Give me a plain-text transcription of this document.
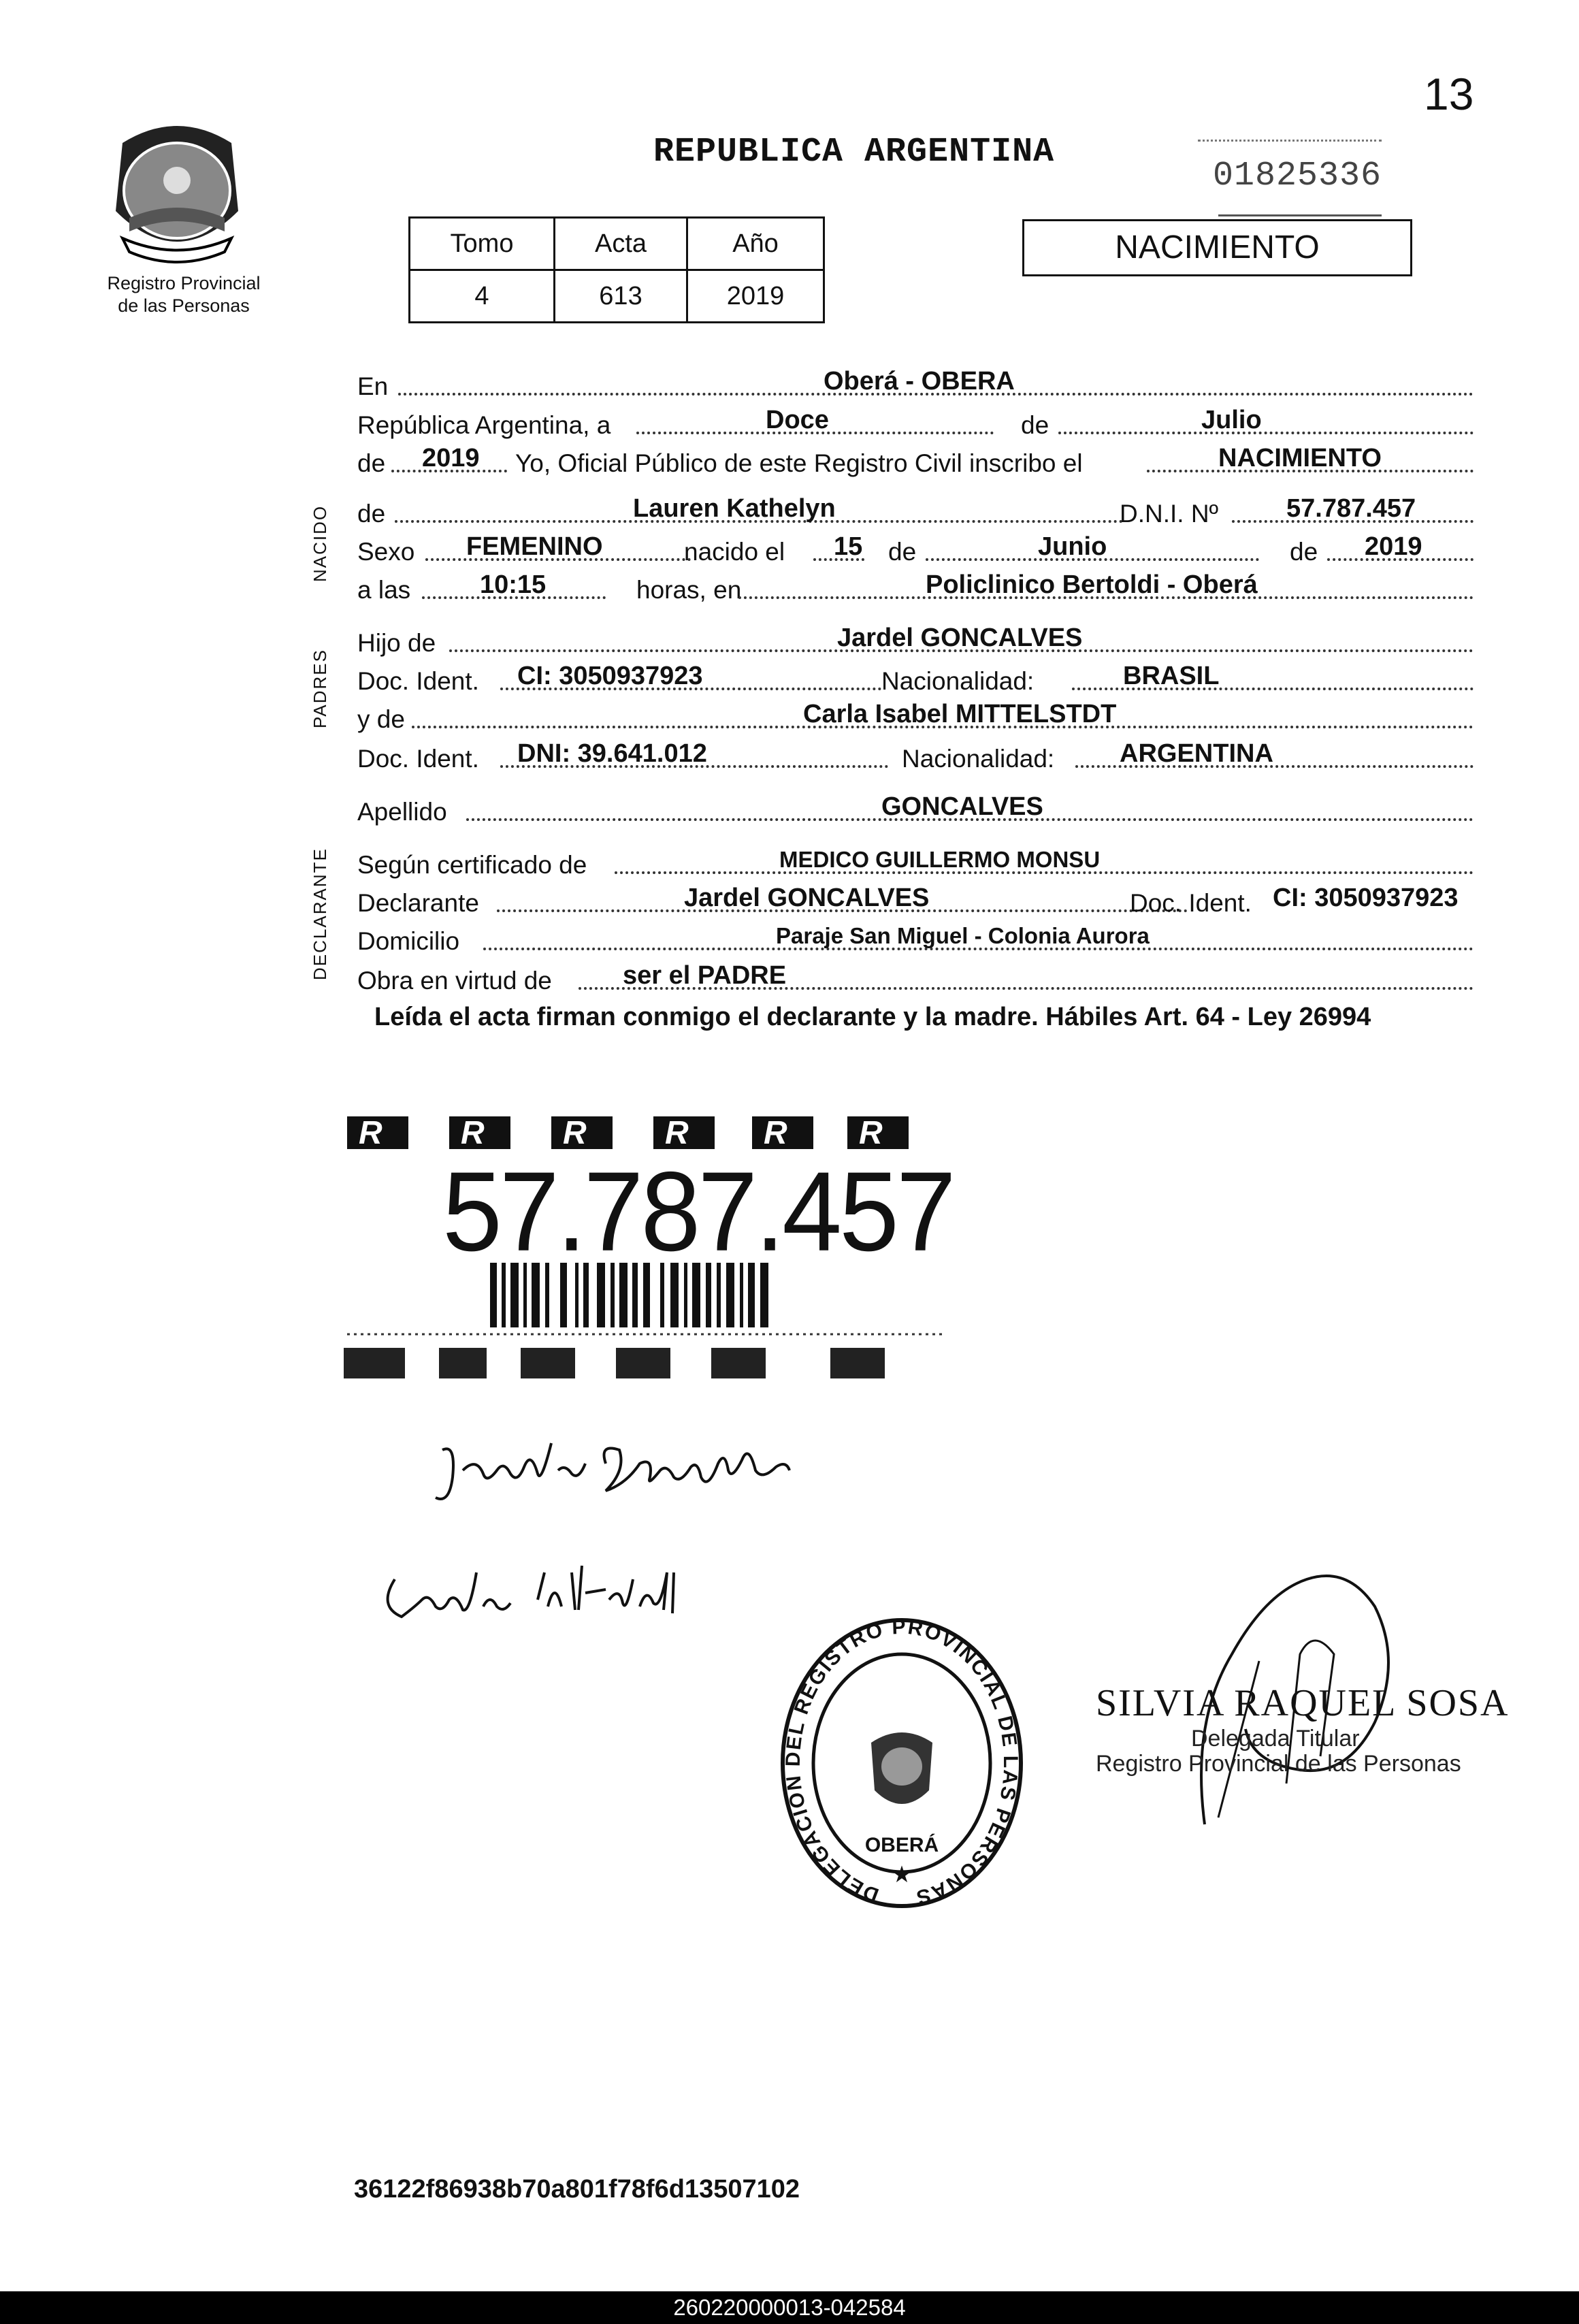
13
Registro Provincial
de las Personas
REPUBLICA ARGENTINA
01825336
Tomo	Acta	Año
4	613	2019
NACIMIENTO
NACIDO
PADRES
DECLARANTE
En	Oberá - OBERA
República Argentina, a	Doce	de	Julio
de 2019 Yo, Oficial Público de este Registro Civil inscribo el	NACIMIENTO
de	Lauren Kathelyn	D.N.I. Nº	57.787.457
Sexo FEMENINO	nacido el 15 de	Junio	de 2019
a las	10:15	horas, en	Policlinico Bertoldi - Oberá
Hijo de	Jardel GONCALVES
Doc. Ident. CI: 3050937923	Nacionalidad:	BRASIL
y de	Carla Isabel MITTELSTDT
Doc. Ident. DNI: 39.641.012	Nacionalidad:	ARGENTINA
Apellido	GONCALVES
Según certificado de	MEDICO GUILLERMO MONSU
Declarante	Jardel GONCALVES	Doc. Ident. CI: 3050937923
Domicilio	Paraje San Miguel - Colonia Aurora
Obra en virtud de	ser el PADRE
Leída el acta firman conmigo el declarante y la madre. Hábiles Art. 64 - Ley 26994
R R R R R R
57.787.457
DELEGACION DEL REGISTRO PROVINCIAL DE LAS PERSONAS
OBERÁ
★
SILVIA RAQUEL SOSA
Delegada Titular
Registro Provincial de las Personas
36122f86938b70a801f78f6d13507102
260220000013-042584
